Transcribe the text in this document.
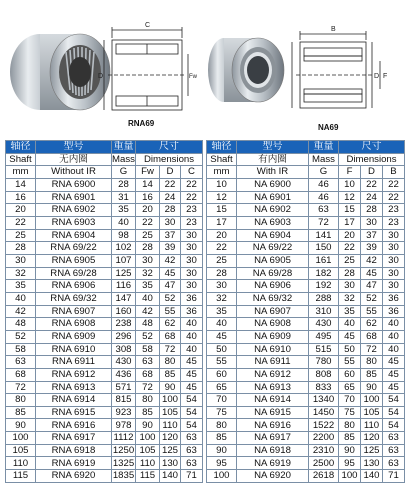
C
D	Fw
RNA69
B
D F
NA69
轴径	型号	重量	尺寸		
Shaft	无内圈	Mass	Dimensions		
mm	Without IR	G	Fw	D	C
14	RNA 6900	28	14	22	22
16	RNA 6901	31	16	24	22
20	RNA 6902	35	20	28	23
22	RNA 6903	40	22	30	23
25	RNA 6904	98	25	37	30
28	RNA 69/22	102	28	39	30
30	RNA 6905	107	30	42	30
32	RNA 69/28	125	32	45	30
35	RNA 6906	116	35	47	30
40	RNA 69/32	147	40	52	36
42	RNA 6907	160	42	55	36
48	RNA 6908	238	48	62	40
52	RNA 6909	296	52	68	40
58	RNA 6910	308	58	72	40
63	RNA 6911	430	63	80	45
68	RNA 6912	436	68	85	45
72	RNA 6913	571	72	90	45
80	RNA 6914	815	80	100	54
85	RNA 6915	923	85	105	54
90	RNA 6916	978	90	110	54
100	RNA 6917	1112	100	120	63
105	RNA 6918	1250	105	125	63
110	RNA 6919	1325	110	130	63
115	RNA 6920	1835	115	140	71
轴径	型号	重量	尺寸		
Shaft	有内圈	Mass	Dimensions		
mm	With IR	G	F	D	B
10	NA 6900	46	10	22	22
12	NA 6901	46	12	24	22
15	NA 6902	63	15	28	23
17	NA 6903	72	17	30	23
20	NA 6904	141	20	37	30
22	NA 69/22	150	22	39	30
25	NA 6905	161	25	42	30
28	NA 69/28	182	28	45	30
30	NA 6906	192	30	47	30
32	NA 69/32	288	32	52	36
35	NA 6907	310	35	55	36
40	NA 6908	430	40	62	40
45	NA 6909	495	45	68	40
50	NA 6910	515	50	72	40
55	NA 6911	780	55	80	45
60	NA 6912	808	60	85	45
65	NA 6913	833	65	90	45
70	NA 6914	1340	70	100	54
75	NA 6915	1450	75	105	54
80	NA 6916	1522	80	110	54
85	NA 6917	2200	85	120	63
90	NA 6918	2310	90	125	63
95	NA 6919	2500	95	130	63
100	NA 6920	2618	100	140	71
